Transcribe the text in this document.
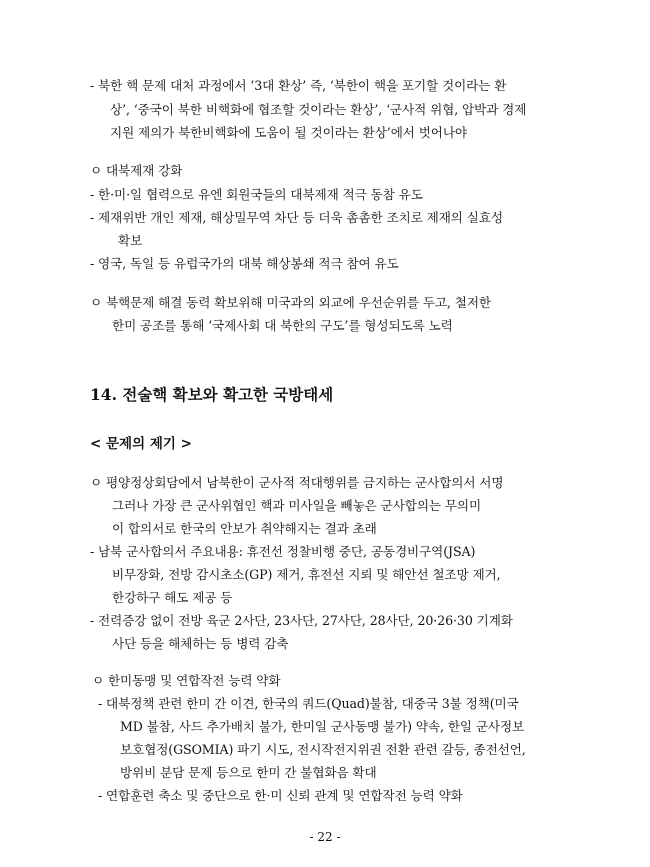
- 북한 핵 문제 대처 과정에서 ‘3대 환상’ 즉, ‘북한이 핵을 포기할 것이라는 환
상’, ‘중국이 북한 비핵화에 협조할 것이라는 환상’, ‘군사적 위협, 압박과 경제
지원 제의가 북한비핵화에 도움이 될 것이라는 환상’에서 벗어나야
ㅇ 대북제재 강화
- 한·미·일 협력으로 유엔 회원국들의 대북제재 적극 동참 유도
- 제재위반 개인 제재, 해상밀무역 차단 등 더욱 촘촘한 조치로 제재의 실효성
확보
- 영국, 독일 등 유럽국가의 대북 해상봉쇄 적극 참여 유도
ㅇ 북핵문제 해결 동력 확보위해 미국과의 외교에 우선순위를 두고, 철저한
한미 공조를 통해 ‘국제사회 대 북한의 구도’를 형성되도록 노력
14. 전술핵 확보와 확고한 국방태세
< 문제의 제기 >
ㅇ 평양정상회담에서 남북한이 군사적 적대행위를 금지하는 군사합의서 서명
그러나 가장 큰 군사위협인 핵과 미사일을 빼놓은 군사합의는 무의미
이 합의서로 한국의 안보가 취약해지는 결과 초래
- 남북 군사합의서 주요내용: 휴전선 정찰비행 중단, 공동경비구역(JSA)
비무장화, 전방 감시초소(GP) 제거, 휴전선 지뢰 및 해안선 철조망 제거,
한강하구 해도 제공 등
- 전력증강 없이 전방 육군 2사단, 23사단, 27사단, 28사단, 20·26·30 기계화
사단 등을 해체하는 등 병력 감축
ㅇ 한미동맹 및 연합작전 능력 약화
- 대북정책 관련 한미 간 이견, 한국의 쿼드(Quad)불참, 대중국 3불 정책(미국
MD 불참, 사드 추가배치 불가, 한미일 군사동맹 불가) 약속, 한일 군사정보
보호협정(GSOMIA) 파기 시도, 전시작전지위권 전환 관련 갈등, 종전선언,
방위비 분담 문제 등으로 한미 간 불협화음 확대
- 연합훈련 축소 및 중단으로 한·미 신뢰 관계 및 연합작전 능력 약화
- 22 -
